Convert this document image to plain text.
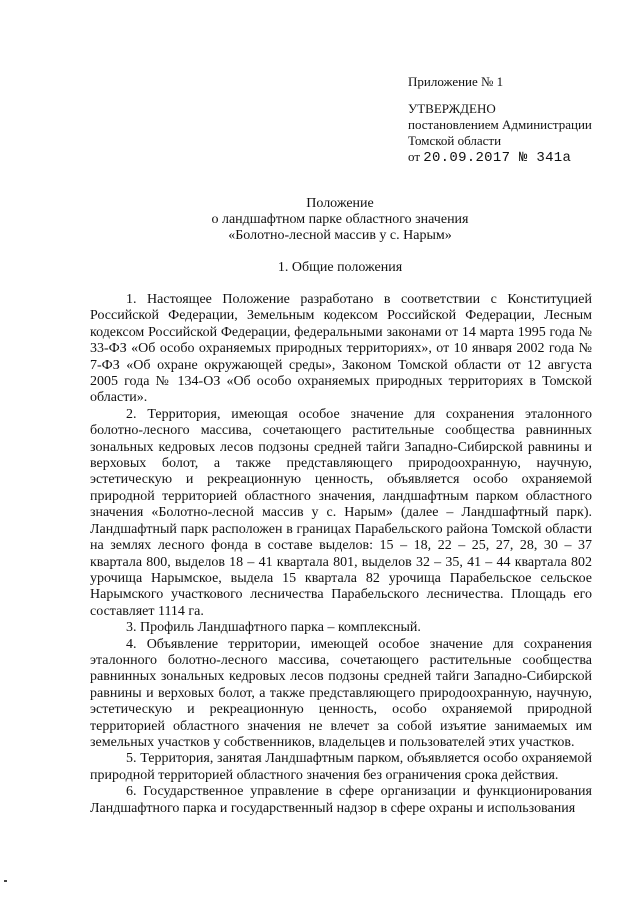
Приложение № 1
УТВЕРЖДЕНО
постановлением Администрации
Томской области
от 20.09.2017 № 341а
Положение
о ландшафтном парке областного значения
«Болотно-лесной массив у с. Нарым»
1. Общие положения

1. Настоящее Положение разработано в соответствии с Конституцией Российской Федерации, Земельным кодексом Российской Федерации, Лесным кодексом Российской Федерации, федеральными законами от 14 марта 1995 года № 33-ФЗ «Об особо охраняемых природных территориях», от 10 января 2002 года № 7-ФЗ «Об охране окружающей среды», Законом Томской области от 12 августа 2005 года № 134-ОЗ «Об особо охраняемых природных территориях в Томской области».

2. Территория, имеющая особое значение для сохранения эталонного болотно-лесного массива, сочетающего растительные сообщества равнинных зональных кедровых лесов подзоны средней тайги Западно-Сибирской равнины и верховых болот, а также представляющего природоохранную, научную, эстетическую и рекреационную ценность, объявляется особо охраняемой природной территорией областного значения, ландшафтным парком областного значения «Болотно-лесной массив у с. Нарым» (далее – Ландшафтный парк). Ландшафтный парк расположен в границах Парабельского района Томской области на землях лесного фонда в составе выделов: 15 – 18, 22 – 25, 27, 28, 30 – 37 квартала 800, выделов 18 – 41 квартала 801, выделов 32 – 35, 41 – 44 квартала 802 урочища Нарымское, выдела 15 квартала 82 урочища Парабельское сельское Нарымского участкового лесничества Парабельского лесничества. Площадь его составляет 1114 га.

3. Профиль Ландшафтного парка – комплексный.

4. Объявление территории, имеющей особое значение для сохранения эталонного болотно-лесного массива, сочетающего растительные сообщества равнинных зональных кедровых лесов подзоны средней тайги Западно-Сибирской равнины и верховых болот, а также представляющего природоохранную, научную, эстетическую и рекреационную ценность, особо охраняемой природной территорией областного значения не влечет за собой изъятие занимаемых им земельных участков у собственников, владельцев и пользователей этих участков.

5. Территория, занятая Ландшафтным парком, объявляется особо охраняемой природной территорией областного значения без ограничения срока действия.

6. Государственное управление в сфере организации и функционирования Ландшафтного парка и государственный надзор в сфере охраны и использования
